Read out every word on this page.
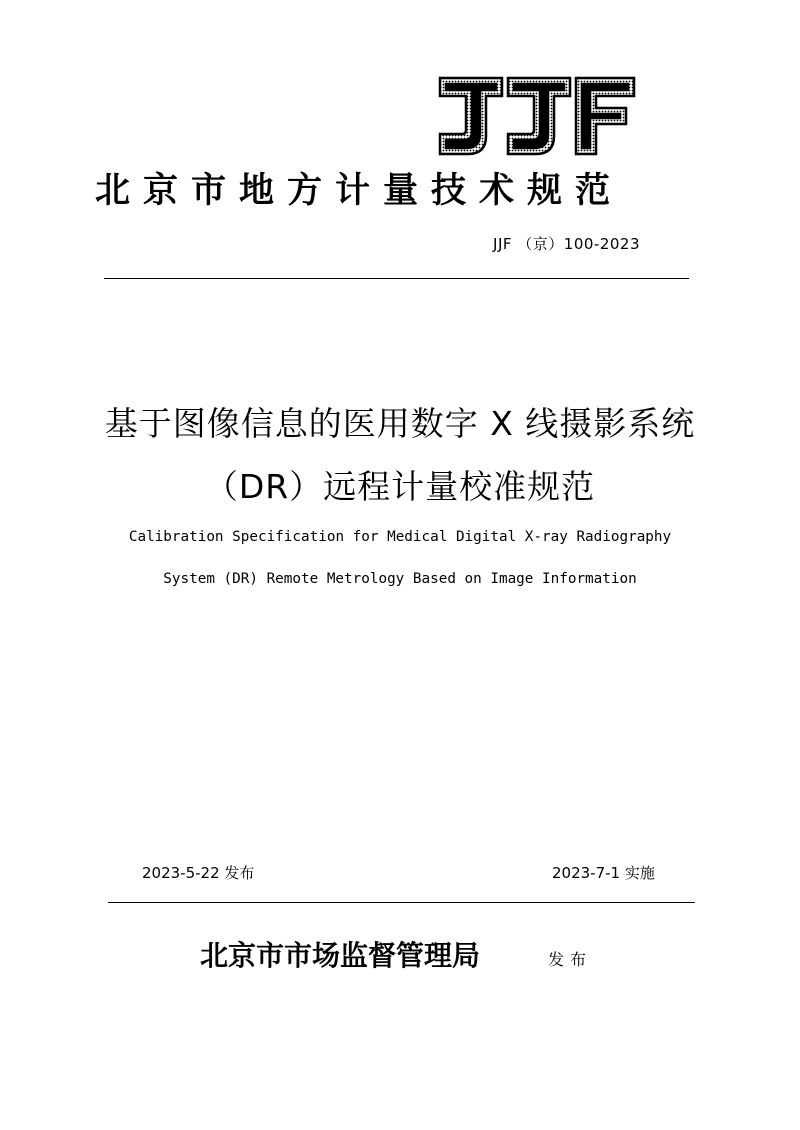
北京市地方计量技术规范
JJF （京）100-2023
基于图像信息的医用数字 X 线摄影系统
（DR）远程计量校准规范
Calibration Specification for Medical Digital X-ray Radiography
System (DR) Remote Metrology Based on Image Information
2023-5-22 发布	2023-7-1 实施
北京市市场监督管理局	发布
